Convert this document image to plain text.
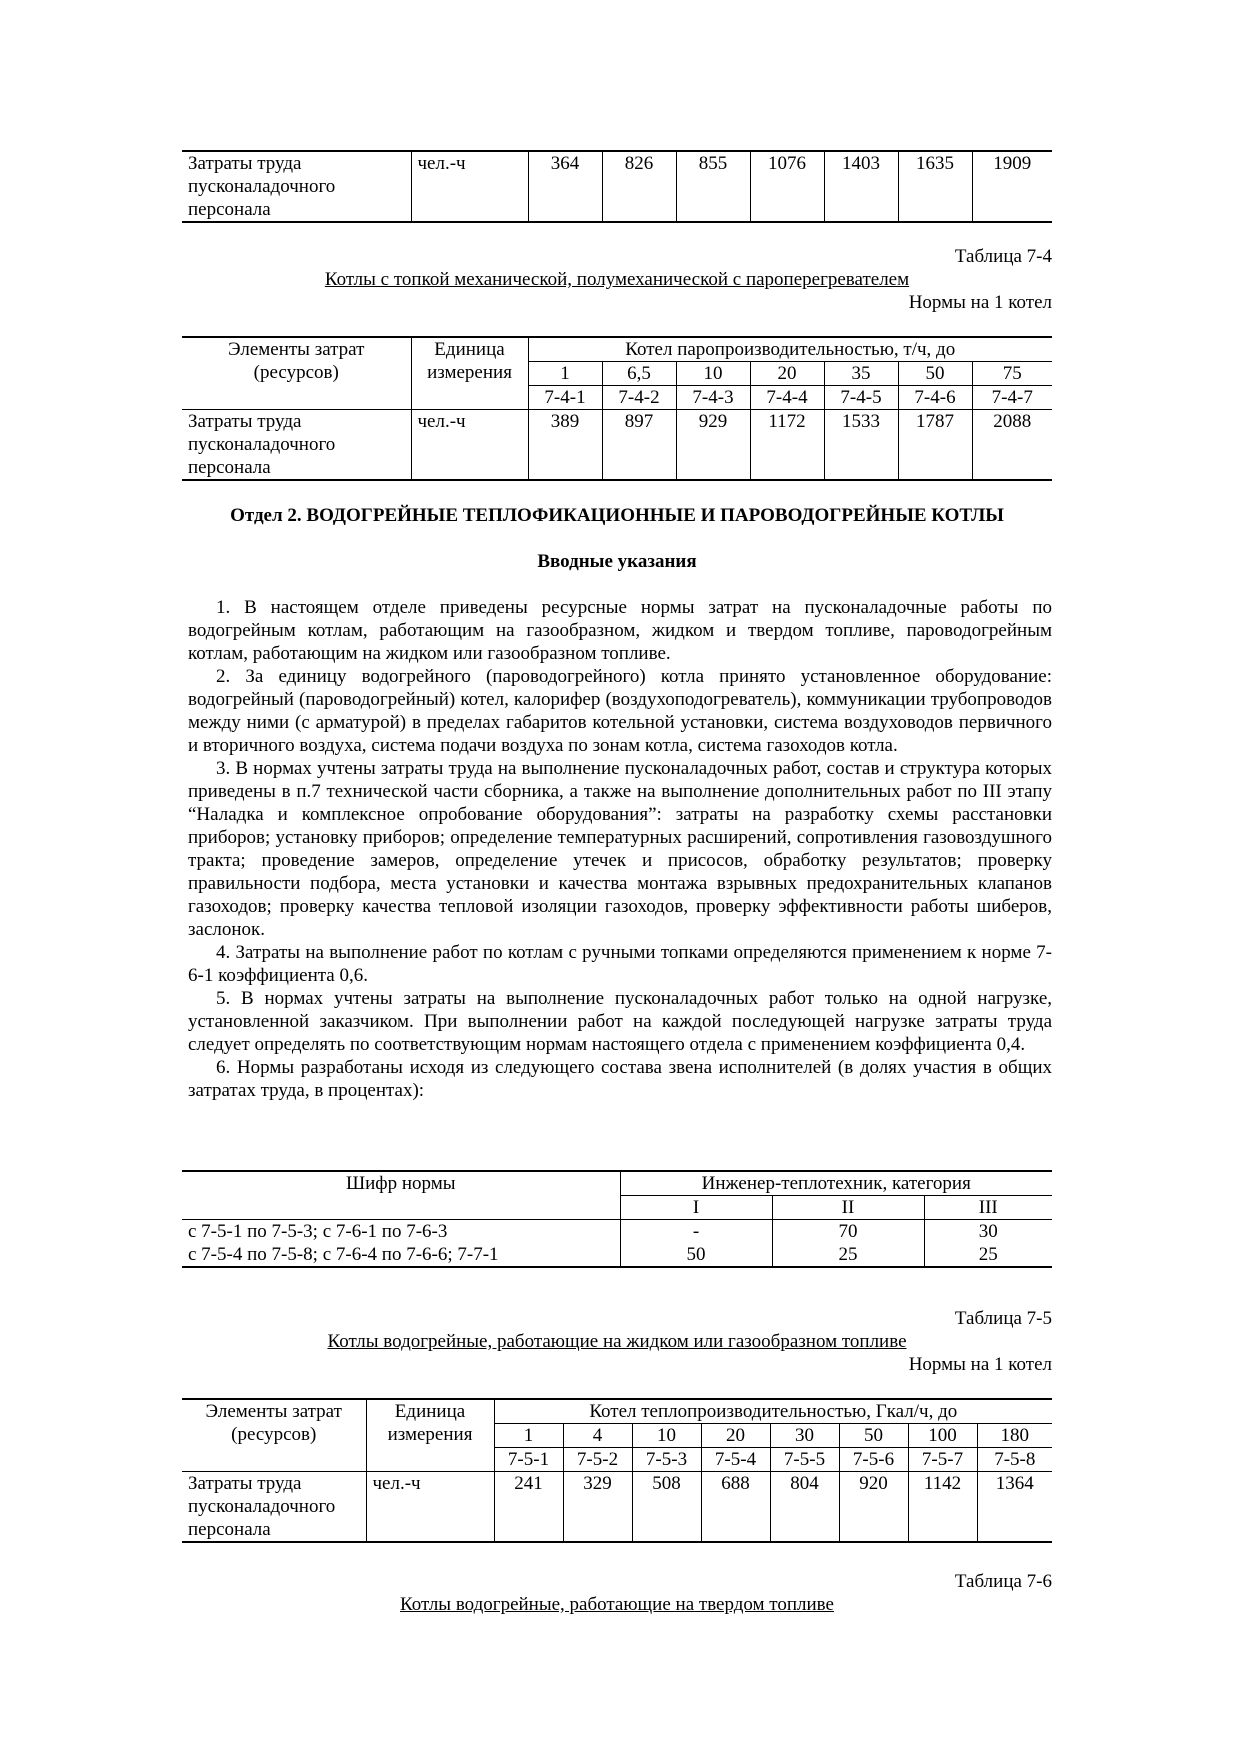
Затраты труда пусконаладочного персонала	чел.-ч	364	826	855	1076	1403	1635	1909
Таблица 7-4
Котлы с топкой механической, полумеханической с пароперегревателем
Нормы на 1 котел
Элементы затрат (ресурсов)	Единица измерения	Котел паропроизводительностью, т/ч, до						
		1	6,5	10	20	35	50	75
		7-4-1	7-4-2	7-4-3	7-4-4	7-4-5	7-4-6	7-4-7
Затраты труда пусконаладочного персонала	чел.-ч	389	897	929	1172	1533	1787	2088
Отдел 2. ВОДОГРЕЙНЫЕ ТЕПЛОФИКАЦИОННЫЕ И ПАРОВОДОГРЕЙНЫЕ КОТЛЫ
Вводные указания

1. В настоящем отделе приведены ресурсные нормы затрат на пусконаладочные работы по водогрейным котлам, работающим на газообразном, жидком и твердом топливе, пароводогрейным котлам, работающим на жидком или газообразном топливе.

2. За единицу водогрейного (пароводогрейного) котла принято установленное оборудование: водогрейный (пароводогрейный) котел, калорифер (воздухоподогреватель), коммуникации трубопроводов между ними (с арматурой) в пределах габаритов котельной установки, система воздуховодов первичного и вторичного воздуха, система подачи воздуха по зонам котла, система газоходов котла.

3. В нормах учтены затраты труда на выполнение пусконаладочных работ, состав и структура которых приведены в п.7 технической части сборника, а также на выполнение дополнительных работ по III этапу “Наладка и комплексное опробование оборудования”: затраты на разработку схемы расстановки приборов; установку приборов; определение температурных расширений, сопротивления газовоздушного тракта; проведение замеров, определение утечек и присосов, обработку результатов; проверку правильности подбора, места установки и качества монтажа взрывных предохранительных клапанов газоходов; проверку качества тепловой изоляции газоходов, проверку эффективности работы шиберов, заслонок.

4. Затраты на выполнение работ по котлам с ручными топками определяются применением к норме 7-6-1 коэффициента 0,6.

5. В нормах учтены затраты на выполнение пусконаладочных работ только на одной нагрузке, установленной заказчиком. При выполнении работ на каждой последующей нагрузке затраты труда следует определять по соответствующим нормам настоящего отдела с применением коэффициента 0,4.

6. Нормы разработаны исходя из следующего состава звена исполнителей (в долях участия в общих затратах труда, в процентах):

Шифр нормы	Инженер-теплотехник, категория		
	I	II	III
с 7-5-1 по 7-5-3; с 7-6-1 по 7-6-3	-	70	30
с 7-5-4 по 7-5-8; с 7-6-4 по 7-6-6; 7-7-1	50	25	25
Таблица 7-5
Котлы водогрейные, работающие на жидком или газообразном топливе
Нормы на 1 котел
Элементы затрат (ресурсов)	Единица измерения	Котел теплопроизводительностью, Гкал/ч, до							
		1	4	10	20	30	50	100	180
		7-5-1	7-5-2	7-5-3	7-5-4	7-5-5	7-5-6	7-5-7	7-5-8
Затраты труда пусконаладочного персонала	чел.-ч	241	329	508	688	804	920	1142	1364
Таблица 7-6
Котлы водогрейные, работающие на твердом топливе
